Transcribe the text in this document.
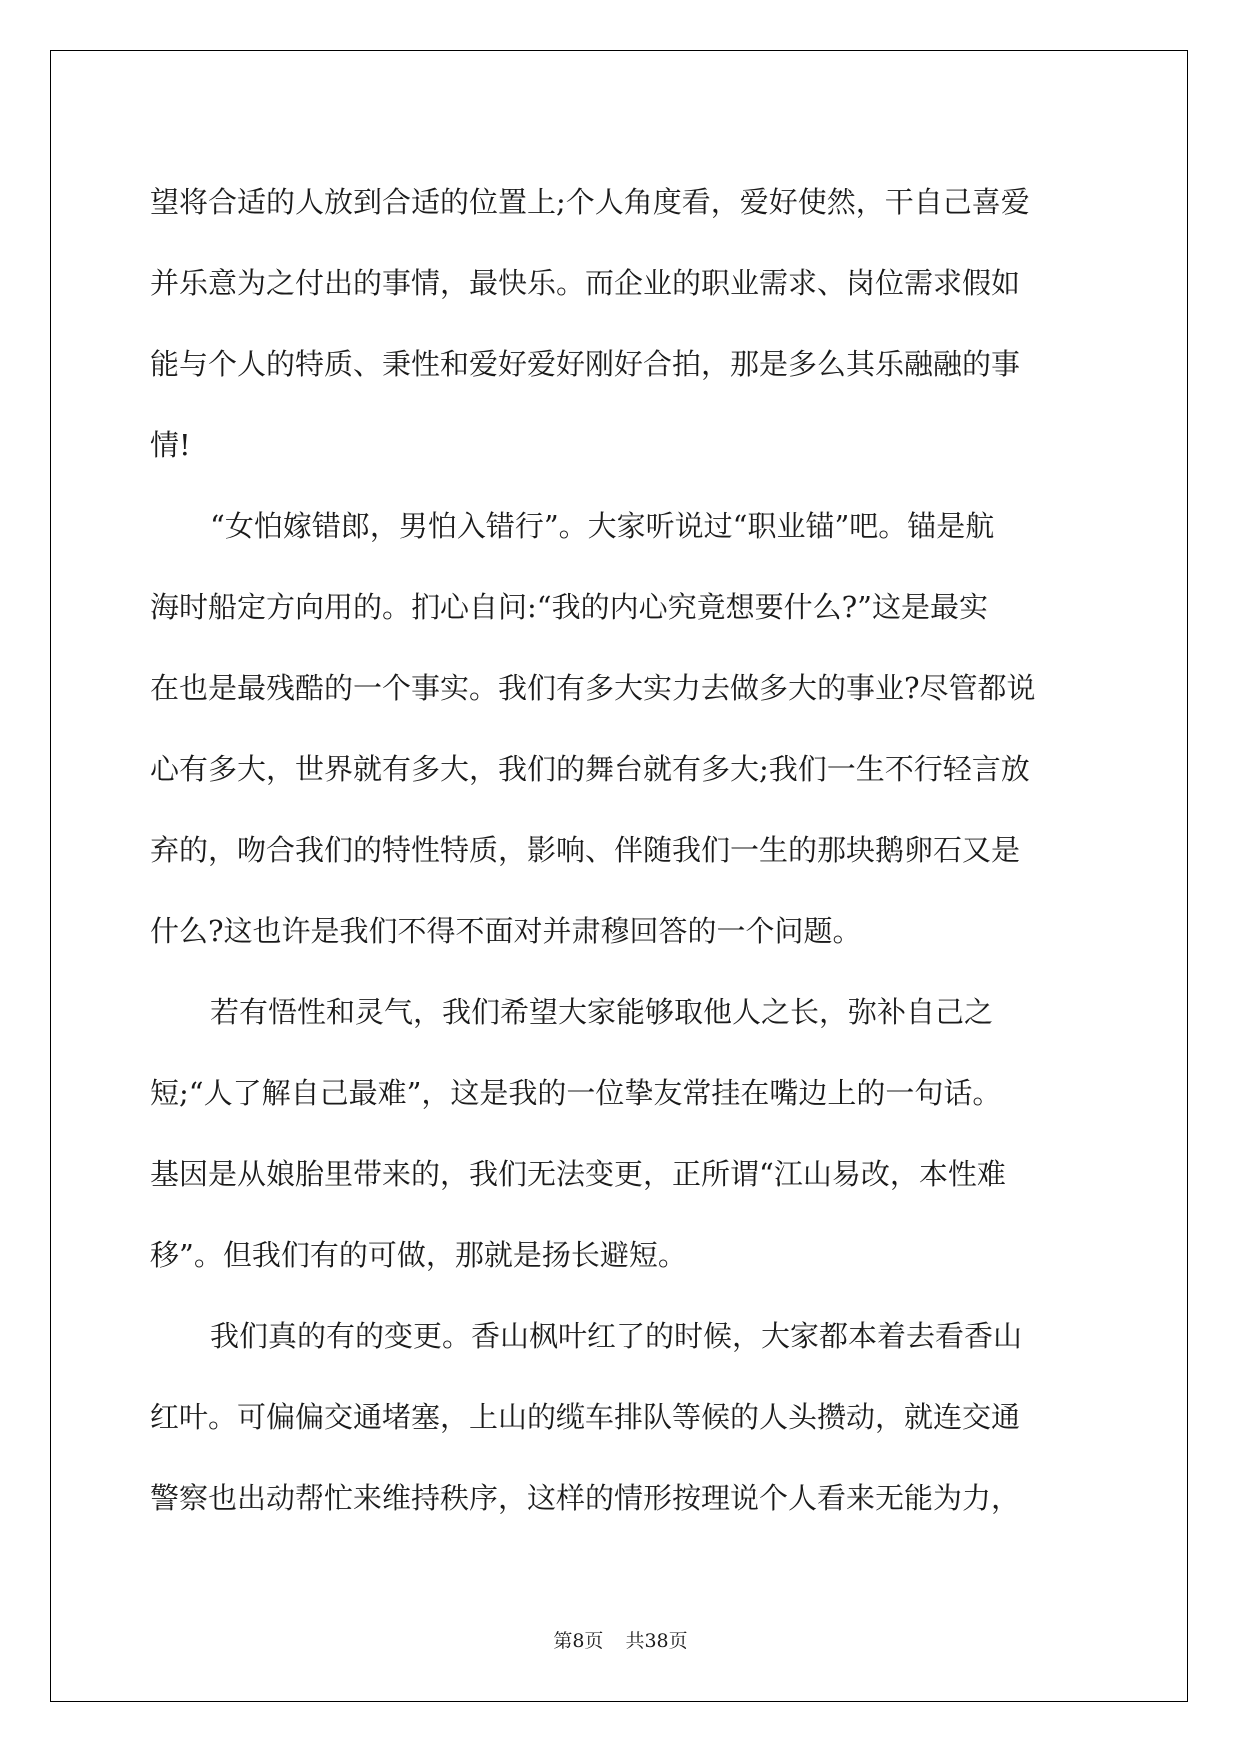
望将合适的人放到合适的位置上;个人角度看，爱好使然，干自己喜爱
并乐意为之付出的事情，最快乐。而企业的职业需求、岗位需求假如
能与个人的特质、秉性和爱好爱好刚好合拍，那是多么其乐融融的事
情!
“女怕嫁错郎，男怕入错行”。大家听说过“职业锚”吧。锚是航
海时船定方向用的。扪心自问:“我的内心究竟想要什么?”这是最实
在也是最残酷的一个事实。我们有多大实力去做多大的事业?尽管都说
心有多大，世界就有多大，我们的舞台就有多大;我们一生不行轻言放
弃的，吻合我们的特性特质，影响、伴随我们一生的那块鹅卵石又是
什么?这也许是我们不得不面对并肃穆回答的一个问题。
若有悟性和灵气，我们希望大家能够取他人之长，弥补自己之
短;“人了解自己最难”，这是我的一位挚友常挂在嘴边上的一句话。
基因是从娘胎里带来的，我们无法变更，正所谓“江山易改，本性难
移”。但我们有的可做，那就是扬长避短。
我们真的有的变更。香山枫叶红了的时候，大家都本着去看香山
红叶。可偏偏交通堵塞，上山的缆车排队等候的人头攒动，就连交通
警察也出动帮忙来维持秩序，这样的情形按理说个人看来无能为力，
第8页 共38页
